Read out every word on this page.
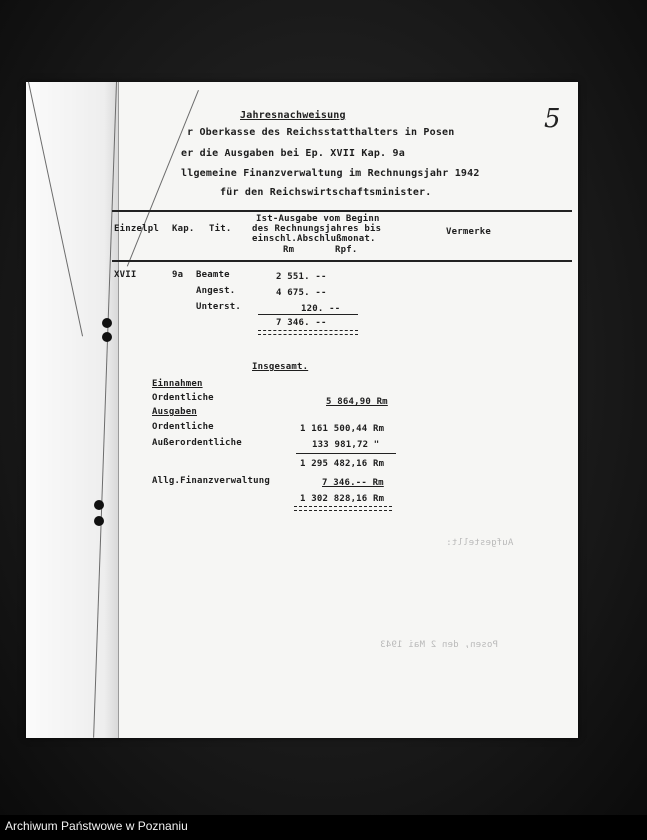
Jahresnachweisung
r Oberkasse des Reichsstatthalters in Posen
er die Ausgaben bei Ep. XVII Kap. 9a
llgemeine Finanzverwaltung im Rechnungsjahr 1942
für den Reichswirtschaftsminister.
5
Einzelpl Kap. Tit.
Ist-Ausgabe vom Beginn
des Rechnungsjahres bis
einschl.Abschlußmonat.
Rm	Rpf.
Vermerke
XVII	9a Beamte	2 551. --
Angest.	4 675. --
Unterst.	120. --
7 346. --
Insgesamt.
Einnahmen
Ordentliche	5 864,90 Rm
Ausgaben
Ordentliche	1 161 500,44 Rm
Außerordentliche	133 981,72 "
1 295 482,16 Rm
Allg.Finanzverwaltung	7 346.-- Rm
1 302 828,16 Rm
Aufgestellt:
Posen, den 2 Mai 1943
Archiwum Państwowe w Poznaniu
